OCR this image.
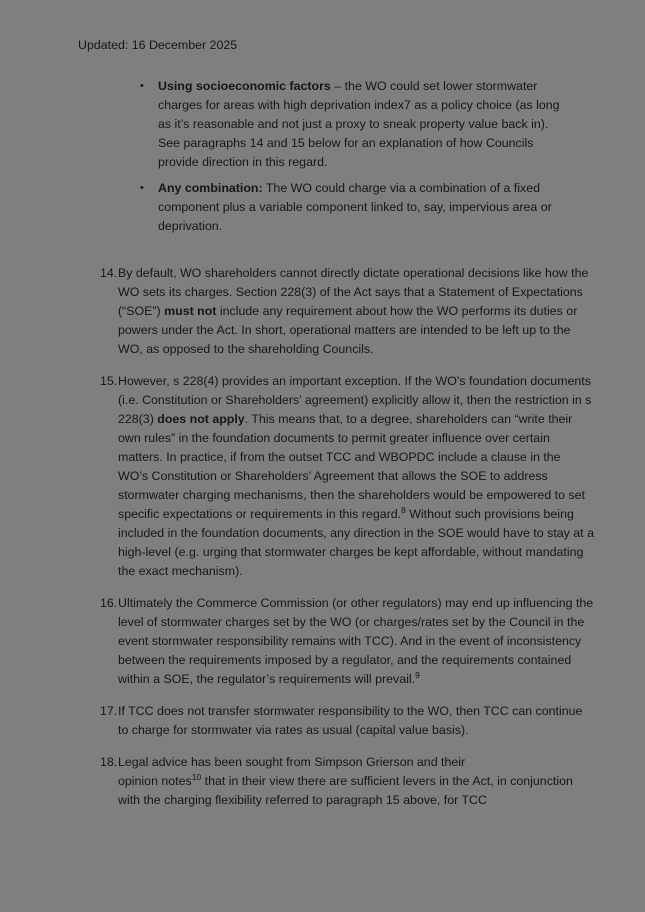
Updated: 16 December 2025
•	Using socioeconomic factors – the WO could set lower stormwater charges for areas with high deprivation index7 as a policy choice (as long as it’s reasonable and not just a proxy to sneak property value back in). See paragraphs 14 and 15 below for an explanation of how Councils provide direction in this regard.
•	Any combination: The WO could charge via a combination of a fixed component plus a variable component linked to, say, impervious area or deprivation.
14. By default, WO shareholders cannot directly dictate operational decisions like how the WO sets its charges. Section 228(3) of the Act says that a Statement of Expectations (“SOE”) must not include any requirement about how the WO performs its duties or powers under the Act. In short, operational matters are intended to be left up to the WO, as opposed to the shareholding Councils.
15. However, s 228(4) provides an important exception. If the WO’s foundation documents (i.e. Constitution or Shareholders’ agreement) explicitly allow it, then the restriction in s 228(3) does not apply. This means that, to a degree, shareholders can “write their own rules” in the foundation documents to permit greater influence over certain matters. In practice, if from the outset TCC and WBOPDC include a clause in the WO’s Constitution or Shareholders’ Agreement that allows the SOE to address stormwater charging mechanisms, then the shareholders would be empowered to set specific expectations or requirements in this regard.$^8$ Without such provisions being included in the foundation documents, any direction in the SOE would have to stay at a high-level (e.g. urging that stormwater charges be kept affordable, without mandating the exact mechanism).
16. Ultimately the Commerce Commission (or other regulators) may end up influencing the level of stormwater charges set by the WO (or charges/rates set by the Council in the event stormwater responsibility remains with TCC). And in the event of inconsistency between the requirements imposed by a regulator, and the requirements contained within a SOE, the regulator’s requirements will prevail.$^9$
17. If TCC does not transfer stormwater responsibility to the WO, then TCC can continue to charge for stormwater via rates as usual (capital value basis).
18. Legal advice has been sought from Simpson Grierson and their
opinion notes$^{10}$ that in their view there are sufficient levers in the Act, in conjunction with the charging flexibility referred to paragraph 15 above, for TCC
